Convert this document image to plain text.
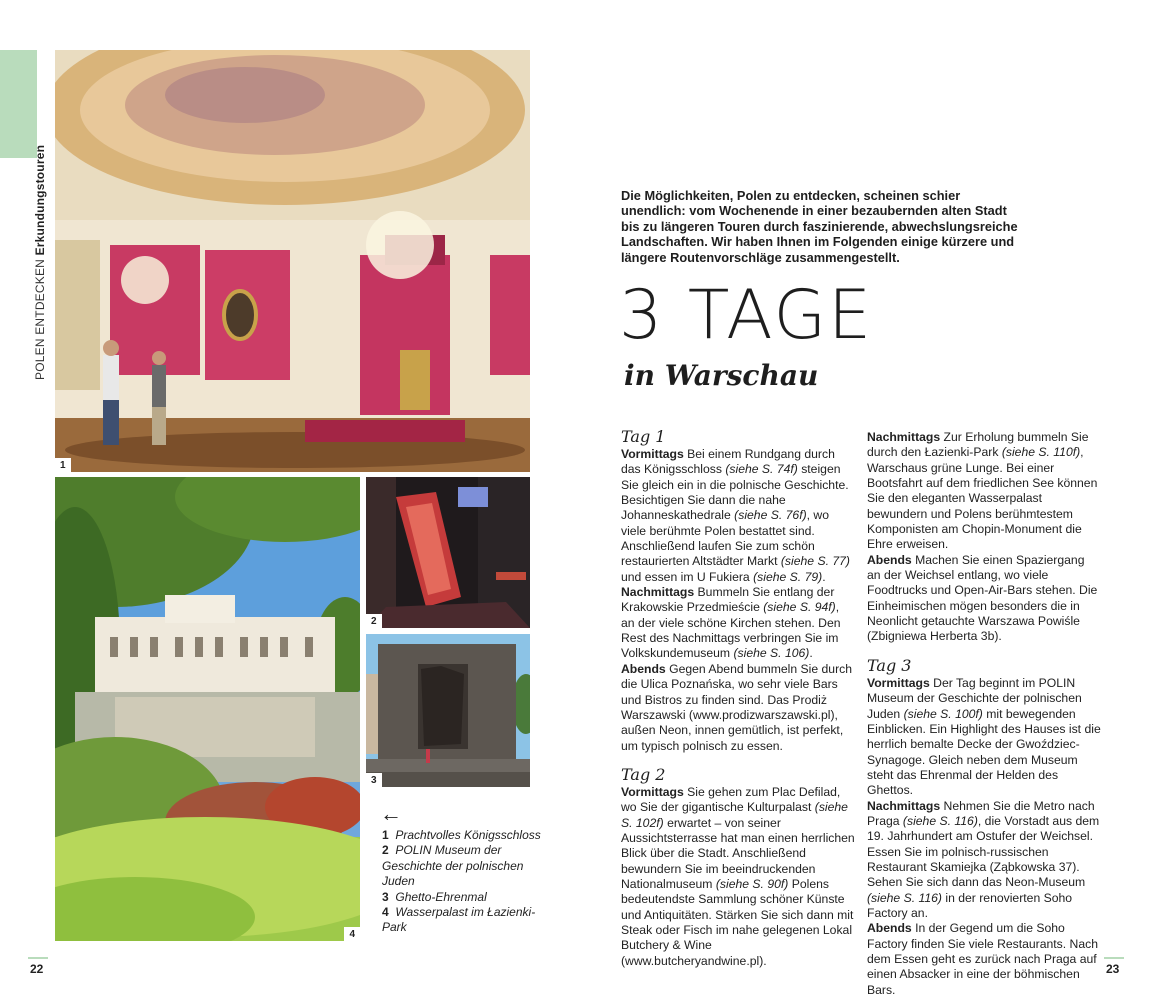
POLEN ENTDECKEN Erkundungstouren
1
4
2
3
←
1 Prachtvolles Königsschloss
2 POLIN Museum der Geschichte der polnischen Juden
3 Ghetto-Ehrenmal
4 Wasserpalast im Łazienki-Park
Die Möglichkeiten, Polen zu entdecken, scheinen schier unendlich: vom Wochenende in einer bezaubernden alten Stadt bis zu längeren Touren durch faszinierende, abwechslungsreiche Landschaften. Wir haben Ihnen im Folgenden einige kürzere und längere Routenvorschläge zusammengestellt.
3 TAGE
in Warschau
Tag 1
Vormittags Bei einem Rundgang durch das Königsschloss (siehe S. 74f) steigen Sie gleich ein in die polnische Geschichte. Besichtigen Sie dann die nahe Johanneskathedrale (siehe S. 76f), wo viele berühmte Polen bestattet sind. Anschließend laufen Sie zum schön restaurierten Altstädter Markt (siehe S. 77) und essen im U Fukiera (siehe S. 79).
Nachmittags Bummeln Sie entlang der Krakowskie Przedmieście (siehe S. 94f), an der viele schöne Kirchen stehen. Den Rest des Nachmittags verbringen Sie im Volkskundemuseum (siehe S. 106).
Abends Gegen Abend bummeln Sie durch die Ulica Poznańska, wo sehr viele Bars und Bistros zu finden sind. Das Prodiż Warszawski (www.prodizwarszawski.pl), außen Neon, innen gemütlich, ist perfekt, um typisch polnisch zu essen.
Tag 2
Vormittags Sie gehen zum Plac Defilad, wo Sie der gigantische Kulturpalast (siehe S. 102f) erwartet – von seiner Aussichtsterrasse hat man einen herrlichen Blick über die Stadt. Anschließend bewundern Sie im beeindruckenden Nationalmuseum (siehe S. 90f) Polens bedeutendste Sammlung schöner Künste und Antiquitäten. Stärken Sie sich dann mit Steak oder Fisch im nahe gelegenen Lokal Butchery & Wine (www.butcheryandwine.pl).
Nachmittags Zur Erholung bummeln Sie durch den Łazienki-Park (siehe S. 110f), Warschaus grüne Lunge. Bei einer Bootsfahrt auf dem friedlichen See können Sie den eleganten Wasserpalast bewundern und Polens berühmtestem Komponisten am Chopin-Monument die Ehre erweisen.
Abends Machen Sie einen Spaziergang an der Weichsel entlang, wo viele Foodtrucks und Open-Air-Bars stehen. Die Einheimischen mögen besonders die in Neonlicht getauchte Warszawa Powiśle (Zbigniewa Herberta 3b).
Tag 3
Vormittags Der Tag beginnt im POLIN Museum der Geschichte der polnischen Juden (siehe S. 100f) mit bewegenden Einblicken. Ein Highlight des Hauses ist die herrlich bemalte Decke der Gwoździec-Synagoge. Gleich neben dem Museum steht das Ehrenmal der Helden des Ghettos.
Nachmittags Nehmen Sie die Metro nach Praga (siehe S. 116), die Vorstadt aus dem 19. Jahrhundert am Ostufer der Weichsel. Essen Sie im polnisch-russischen Restaurant Skamiejka (Ząbkowska 37). Sehen Sie sich dann das Neon-Museum (siehe S. 116) in der renovierten Soho Factory an.
Abends In der Gegend um die Soho Factory finden Sie viele Restaurants. Nach dem Essen geht es zurück nach Praga auf einen Absacker in eine der böhmischen Bars.
22	23
